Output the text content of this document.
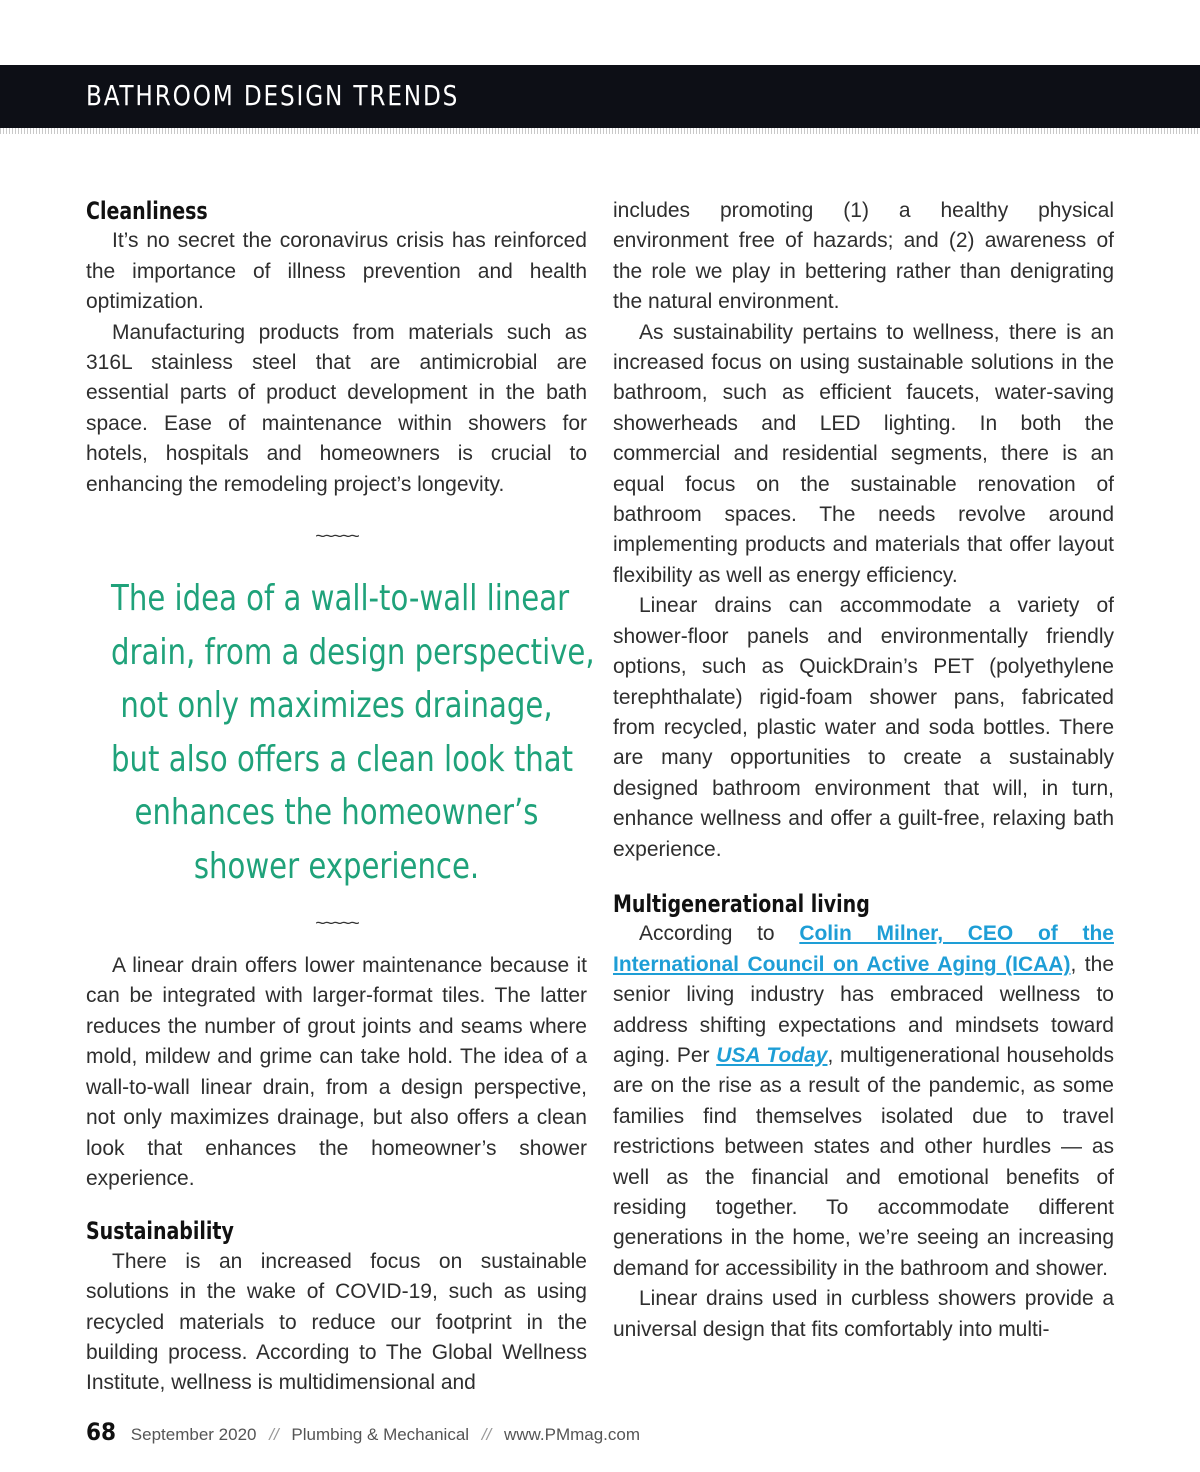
BATHROOM DESIGN TRENDS
Cleanliness

It’s no secret the coronavirus crisis has reinforced the importance of illness prevention and health optimization.

Manufacturing products from materials such as 316L stainless steel that are antimicrobial are essential parts of product development in the bath space. Ease of maintenance within showers for hotels, hospitals and homeowners is crucial to enhancing the remodeling project’s longevity.

~~~~~
The idea of a wall-to-wall linear
drain, from a design perspective,
not only maximizes drainage,
but also offers a clean look that
enhances the homeowner’s
shower experience.
~~~~~

A linear drain offers lower maintenance because it can be integrated with larger-format tiles. The latter reduces the number of grout joints and seams where mold, mildew and grime can take hold. The idea of a wall-to-wall linear drain, from a design perspective, not only maximizes drainage, but also offers a clean look that enhances the homeowner’s shower experience.

Sustainability

There is an increased focus on sustainable solutions in the wake of COVID-19, such as using recycled materials to reduce our footprint in the building process. According to The Global Wellness Institute, wellness is multidimensional and

includes promoting (1) a healthy physical environment free of hazards; and (2) awareness of the role we play in bettering rather than denigrating the natural environment.

As sustainability pertains to wellness, there is an increased focus on using sustainable solutions in the bathroom, such as efficient faucets, water-saving showerheads and LED lighting. In both the commercial and residential segments, there is an equal focus on the sustainable renovation of bathroom spaces. The needs revolve around implementing products and materials that offer layout flexibility as well as energy efficiency.

Linear drains can accommodate a variety of shower-floor panels and environmentally friendly options, such as QuickDrain’s PET (polyethylene terephthalate) rigid-foam shower pans, fabricated from recycled, plastic water and soda bottles. There are many opportunities to create a sustainably designed bathroom environment that will, in turn, enhance wellness and offer a guilt-free, relaxing bath experience.

Multigenerational living

According to Colin Milner, CEO of the International Council on Active Aging (ICAA), the senior living industry has embraced wellness to address shifting expectations and mindsets toward aging. Per USA Today, multigenerational households are on the rise as a result of the pandemic, as some families find themselves isolated due to travel restrictions between states and other hurdles — as well as the financial and emotional benefits of residing together. To accommodate different generations in the home, we’re seeing an increasing demand for accessibility in the bathroom and shower.

Linear drains used in curbless showers provide a universal design that fits comfortably into multi-

68 September 2020 // Plumbing & Mechanical // www.PMmag.com
